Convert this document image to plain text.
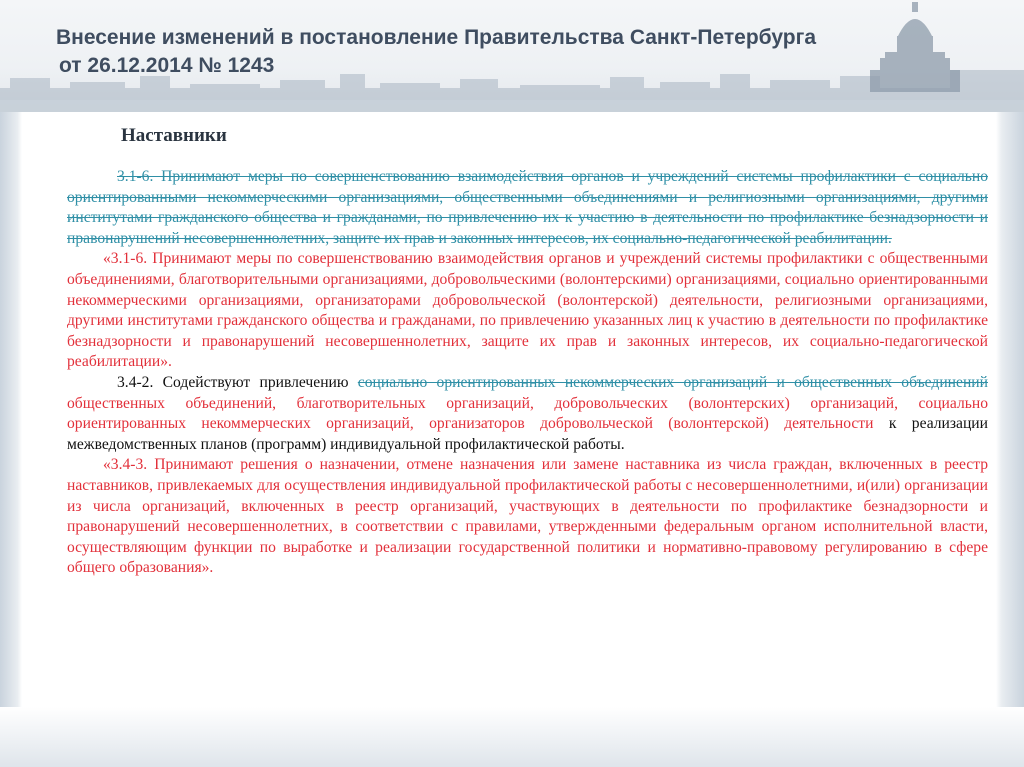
Внесение изменений в постановление Правительства Санкт-Петербурга
от 26.12.2014 № 1243
Наставники

3.1-6. Принимают меры по совершенствованию взаимодействия органов и учреждений системы профилактики с социально ориентированными некоммерческими организациями, общественными объединениями и религиозными организациями, другими институтами гражданского общества и гражданами, по привлечению их к участию в деятельности по профилактике безнадзорности и правонарушений несовершеннолетних, защите их прав и законных интересов, их социально-педагогической реабилитации.

«3.1-6. Принимают меры по совершенствованию взаимодействия органов и учреждений системы профилактики с общественными объединениями, благотворительными организациями, добровольческими (волонтерскими) организациями, социально ориентированными некоммерческими организациями, организаторами добровольческой (волонтерской) деятельности, религиозными организациями, другими институтами гражданского общества и гражданами, по привлечению указанных лиц к участию в деятельности по профилактике безнадзорности и правонарушений несовершеннолетних, защите их прав и законных интересов, их социально-педагогической реабилитации».

3.4-2. Содействуют привлечению социально ориентированных некоммерческих организаций и общественных объединений общественных объединений, благотворительных организаций, добровольческих (волонтерских) организаций, социально ориентированных некоммерческих организаций, организаторов добровольческой (волонтерской) деятельности к реализации межведомственных планов (программ) индивидуальной профилактической работы.

«3.4-3. Принимают решения о назначении, отмене назначения или замене наставника из числа граждан, включенных в реестр наставников, привлекаемых для осуществления индивидуальной профилактической работы с несовершеннолетними, и(или) организации из числа организаций, включенных в реестр организаций, участвующих в деятельности по профилактике безнадзорности и правонарушений несовершеннолетних, в соответствии с правилами, утвержденными федеральным органом исполнительной власти, осуществляющим функции по выработке и реализации государственной политики и нормативно-правовому регулированию в сфере общего образования».
